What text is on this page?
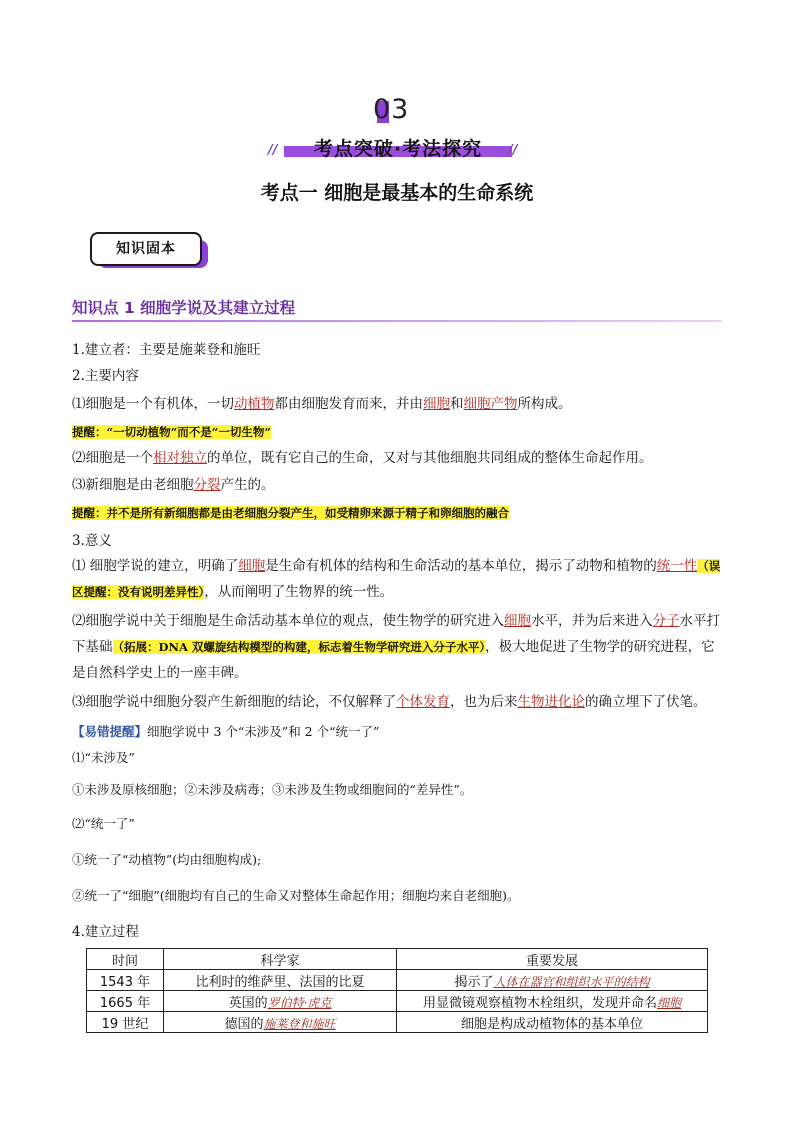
03
//	考点突破·考法探究	//
考点一 细胞是最基本的生命系统
知识固本
知识点 1 细胞学说及其建立过程
1.建立者：主要是施莱登和施旺
2.主要内容
⑴细胞是一个有机体，一切动植物都由细胞发育而来，并由细胞和细胞产物所构成。
提醒：“一切动植物”而不是“一切生物”
⑵细胞是一个相对独立的单位，既有它自己的生命，又对与其他细胞共同组成的整体生命起作用。
⑶新细胞是由老细胞分裂产生的。
提醒：并不是所有新细胞都是由老细胞分裂产生，如受精卵来源于精子和卵细胞的融合
3.意义
⑴ 细胞学说的建立，明确了细胞是生命有机体的结构和生命活动的基本单位，揭示了动物和植物的统一性（误区提醒：没有说明差异性），从而阐明了生物界的统一性。
⑵细胞学说中关于细胞是生命活动基本单位的观点，使生物学的研究进入细胞水平，并为后来进入分子水平打下基础（拓展：DNA 双螺旋结构模型的构建，标志着生物学研究进入分子水平），极大地促进了生物学的研究进程，它是自然科学史上的一座丰碑。
⑶细胞学说中细胞分裂产生新细胞的结论，不仅解释了个体发育，也为后来生物进化论的确立埋下了伏笔。
【易错提醒】细胞学说中 3 个“未涉及”和 2 个“统一了”
⑴“未涉及”
①未涉及原核细胞；②未涉及病毒；③未涉及生物或细胞间的“差异性”。
⑵“统一了”
①统一了“动植物”(均由细胞构成);
②统一了“细胞”(细胞均有自己的生命又对整体生命起作用；细胞均来自老细胞)。
4.建立过程
时间	科学家	重要发展
1543 年	比利时的维萨里、法国的比夏	揭示了人体在器官和组织水平的结构
1665 年	英国的罗伯特·虎克	用显微镜观察植物木栓组织，发现并命名细胞
19 世纪	德国的施莱登和施旺	细胞是构成动植物体的基本单位
